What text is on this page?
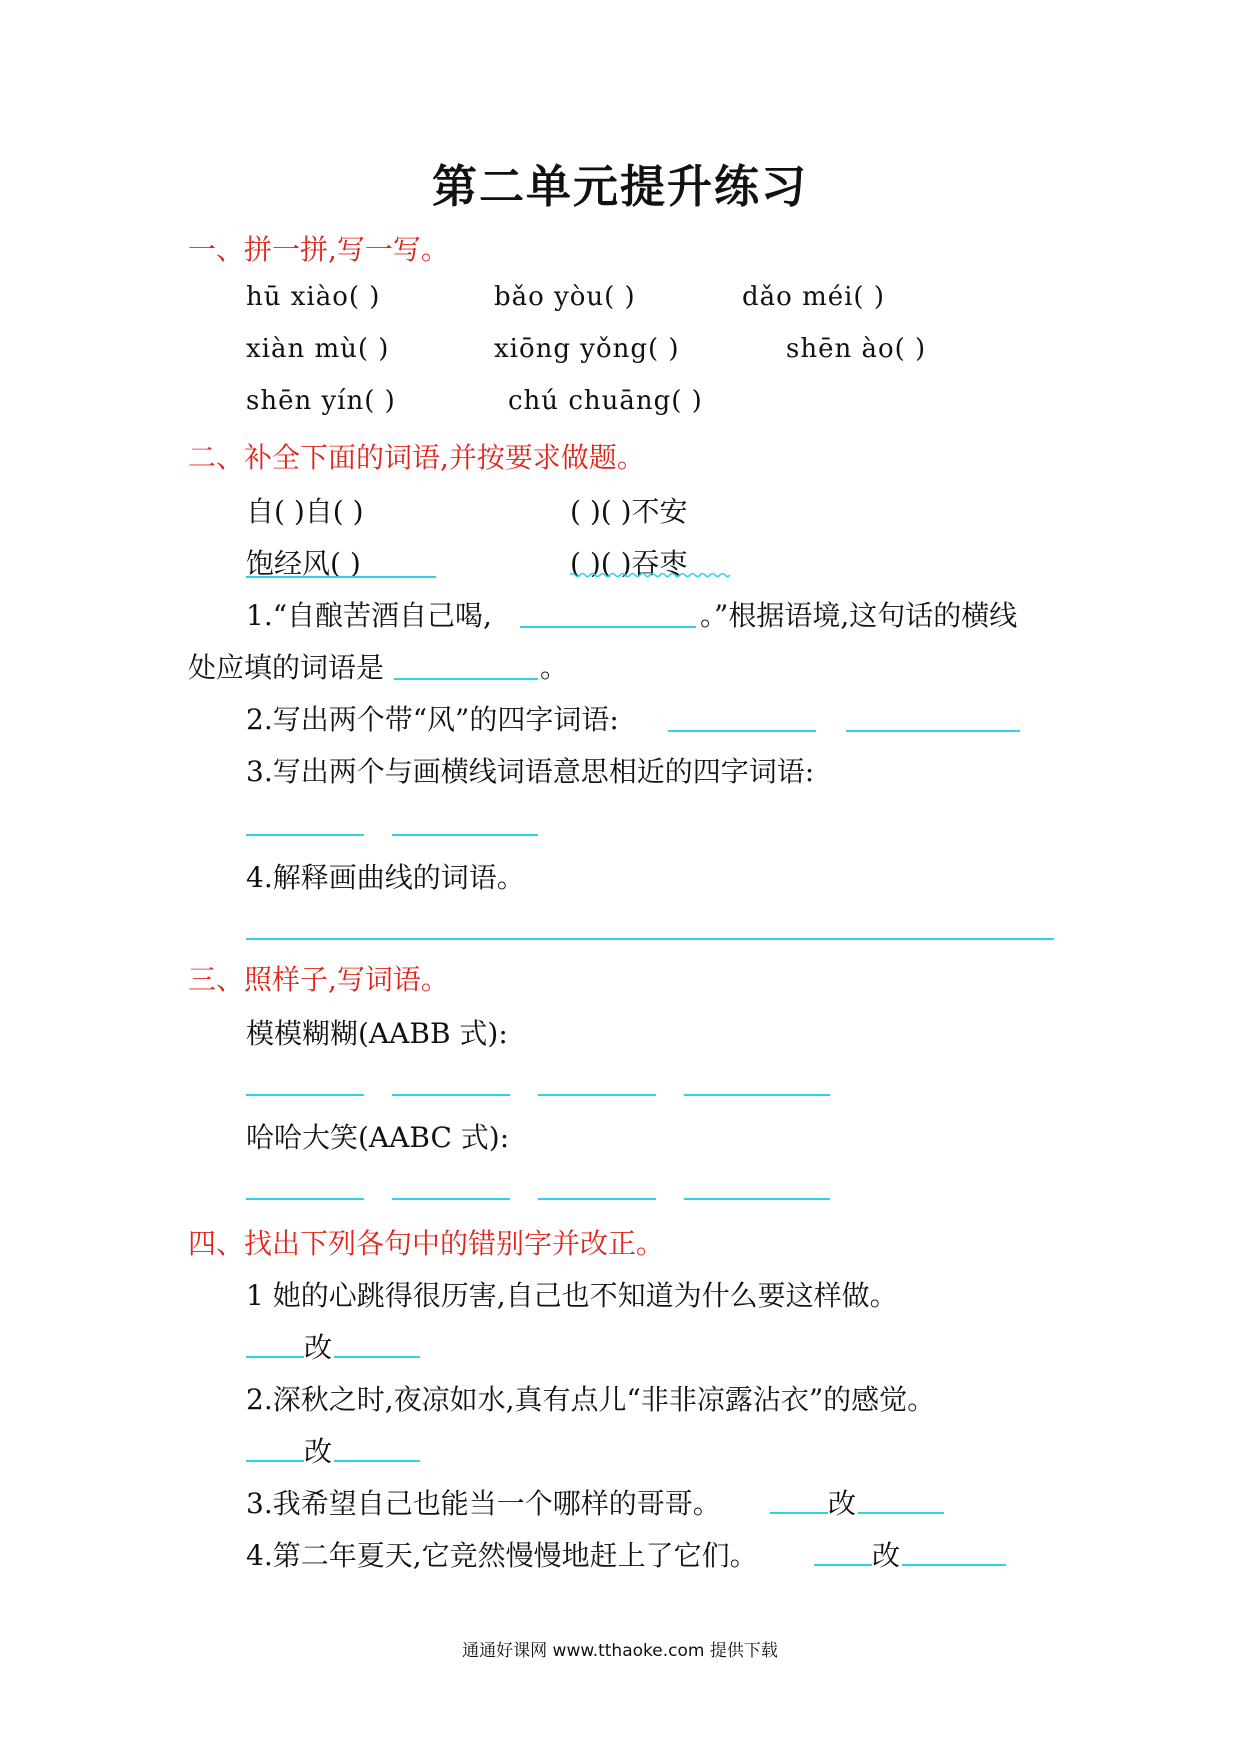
第二单元提升练习
一、拼一拼,写一写。
hū xiào( )	bǎo yòu( )	dǎo méi( )
xiàn mù( )	xiōng yǒng( )	shēn ào( )
shēn yín( )	chú chuāng( )
二、补全下面的词语,并按要求做题。
自( )自( )	( )( )不安
饱经风( )	( )( )吞枣
1.“自酿苦酒自己喝,	。”根据语境,这句话的横线
处应填的词语是	。
2.写出两个带“风”的四字词语:
3.写出两个与画横线词语意思相近的四字词语:
4.解释画曲线的词语。
三、照样子,写词语。
模模糊糊(AABB 式):
哈哈大笑(AABC 式):
四、找出下列各句中的错别字并改正。
1 她的心跳得很历害,自己也不知道为什么要这样做。
改
2.深秋之时,夜凉如水,真有点儿“非非凉露沾衣”的感觉。
改
3.我希望自己也能当一个哪样的哥哥。	改
4.第二年夏天,它竞然慢慢地赶上了它们。	改
通通好课网 www.tthaoke.com 提供下载
